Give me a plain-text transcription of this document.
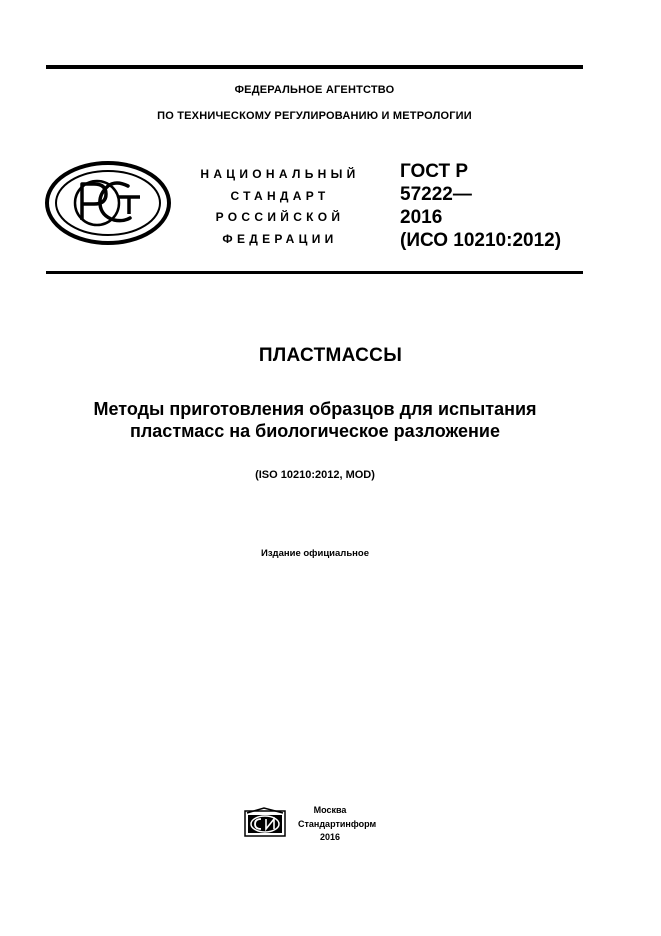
ФЕДЕРАЛЬНОЕ АГЕНТСТВО
ПО ТЕХНИЧЕСКОМУ РЕГУЛИРОВАНИЮ И МЕТРОЛОГИИ
НАЦИОНАЛЬНЫЙ
СТАНДАРТ
РОССИЙСКОЙ
ФЕДЕРАЦИИ
ГОСТ Р
57222—
2016
(ИСО 10210:2012)
ПЛАСТМАССЫ
Методы приготовления образцов для испытания
пластмасс на биологическое разложение
(ISO 10210:2012, MOD)
Издание официальное
Москва
Стандартинформ
2016
